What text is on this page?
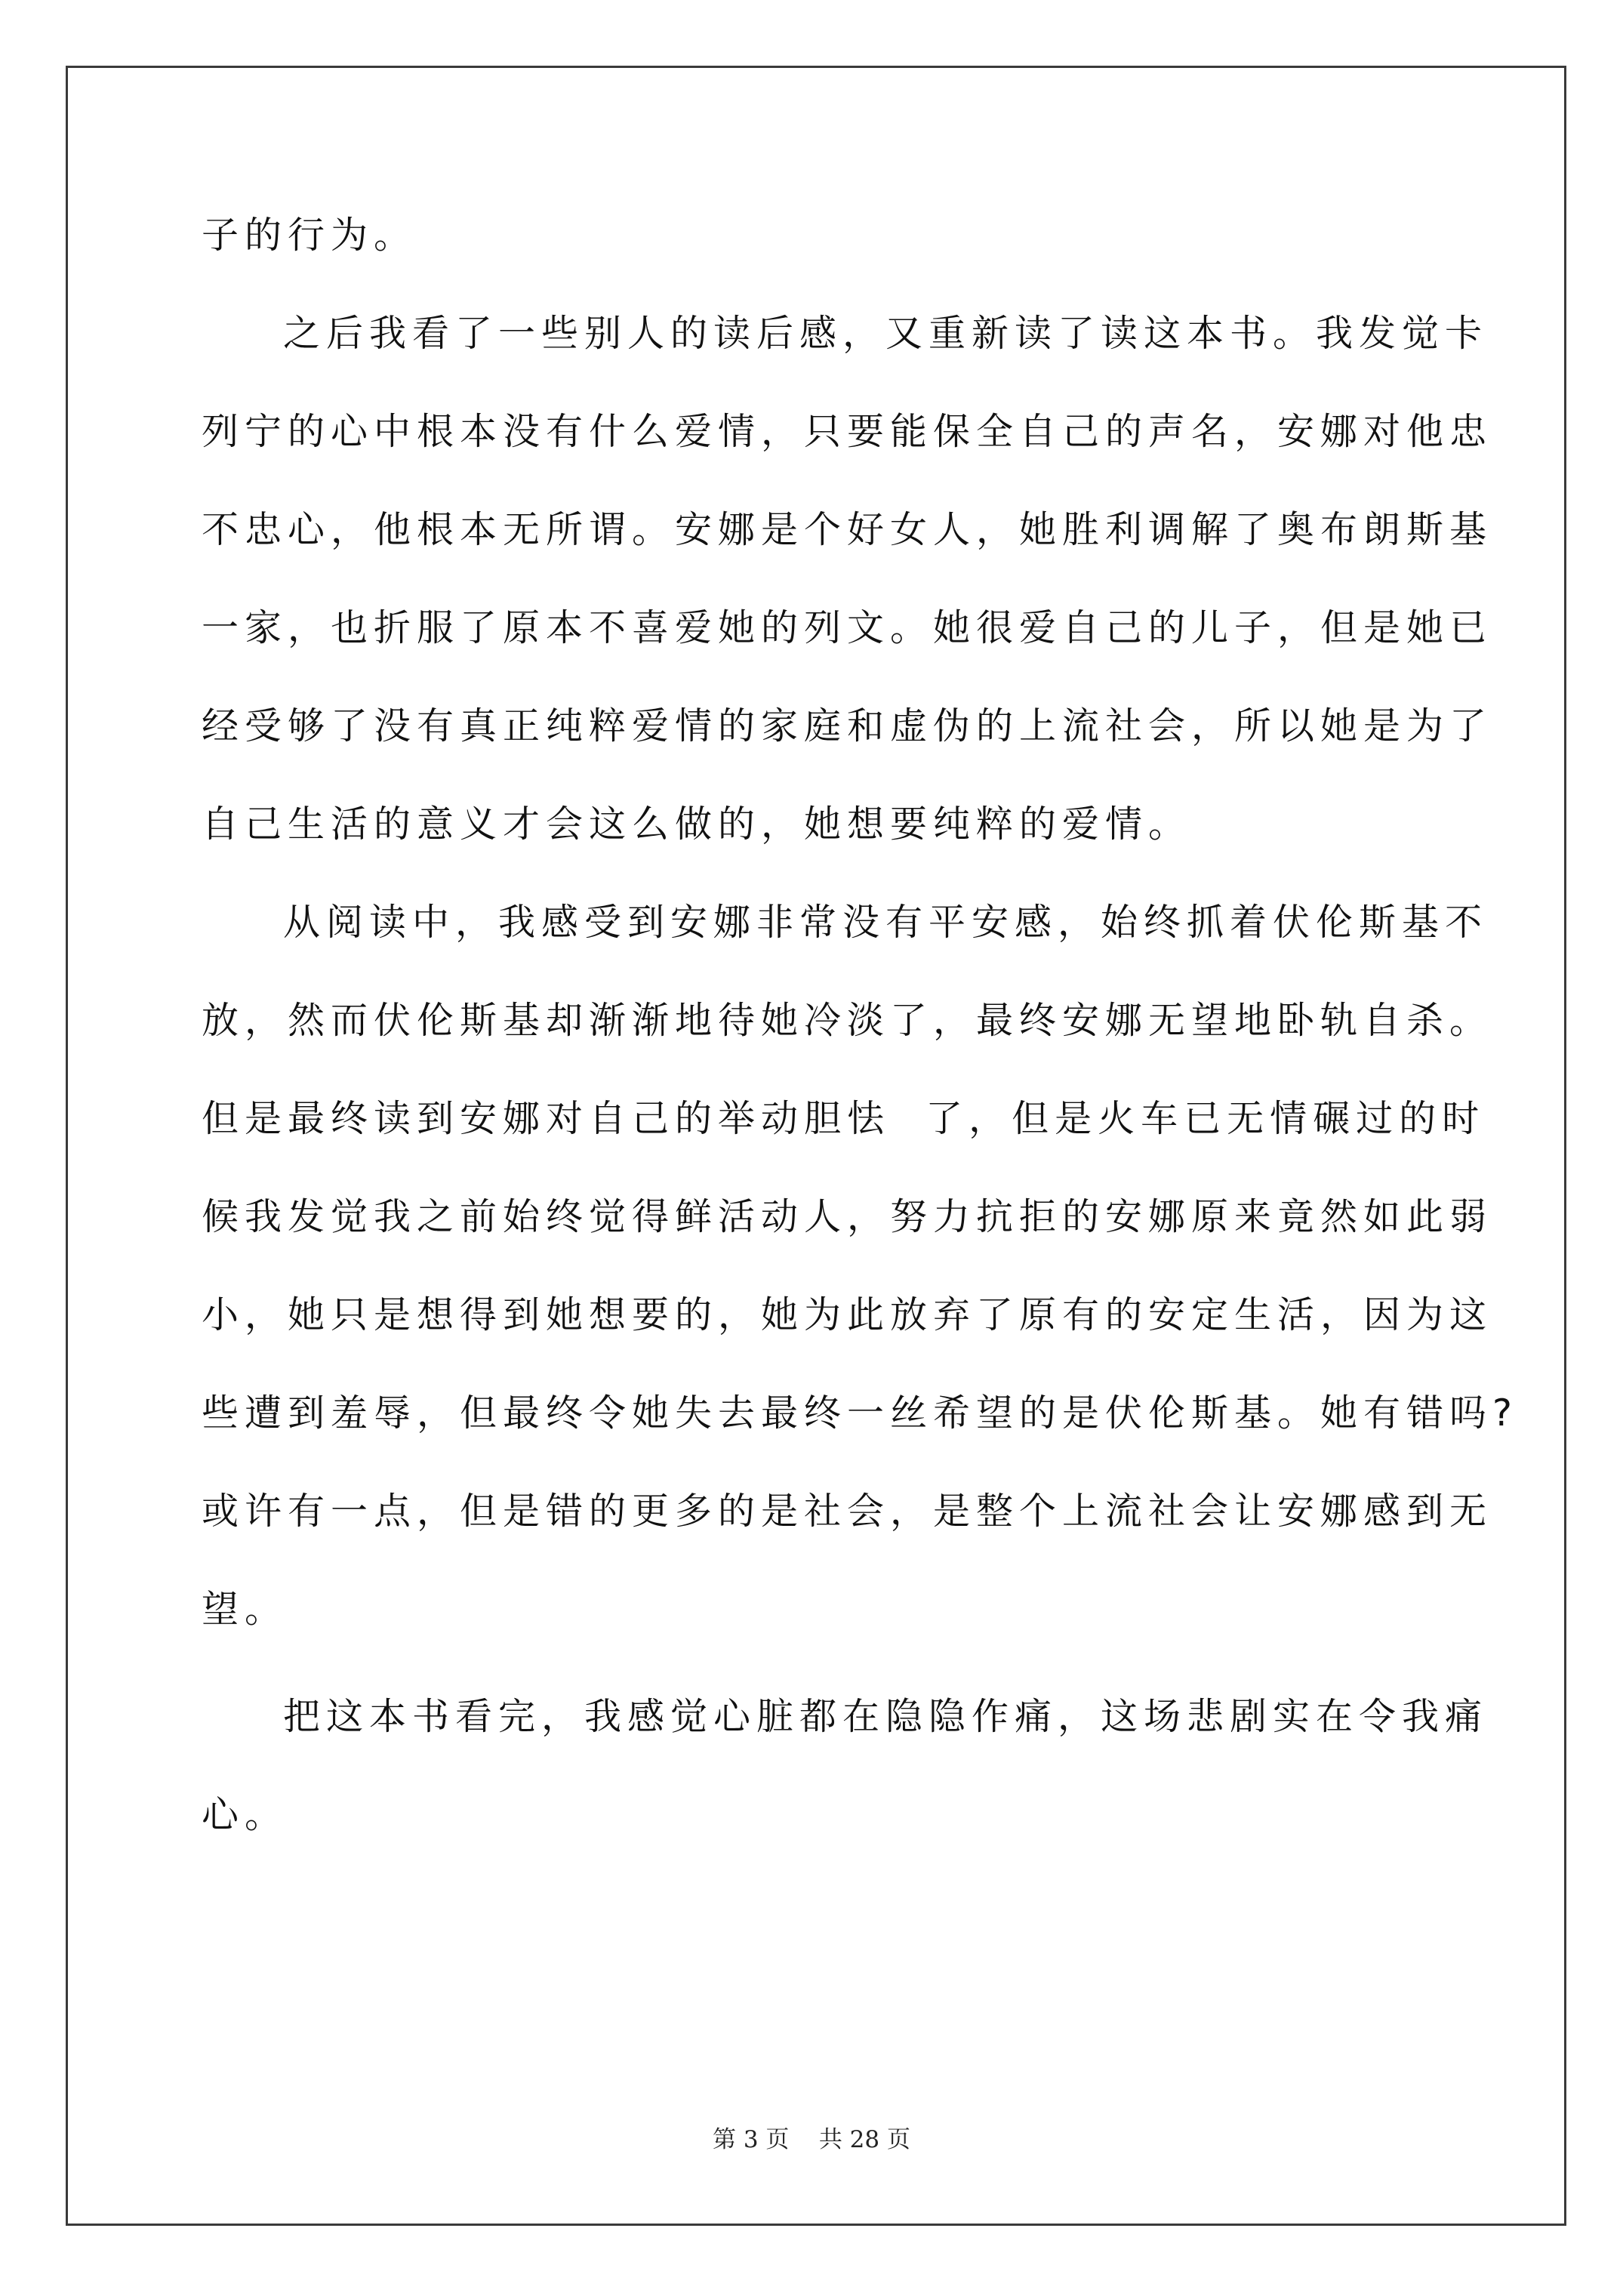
子的行为。
之后我看了一些别人的读后感，又重新读了读这本书。我发觉卡
列宁的心中根本没有什么爱情，只要能保全自己的声名，安娜对他忠
不忠心，他根本无所谓。安娜是个好女人，她胜利调解了奥布朗斯基
一家，也折服了原本不喜爱她的列文。她很爱自己的儿子，但是她已
经受够了没有真正纯粹爱情的家庭和虚伪的上流社会，所以她是为了
自己生活的意义才会这么做的，她想要纯粹的爱情。
从阅读中，我感受到安娜非常没有平安感，始终抓着伏伦斯基不
放，然而伏伦斯基却渐渐地待她冷淡了，最终安娜无望地卧轨自杀。
但是最终读到安娜对自己的举动胆怯  了，但是火车已无情碾过的时
候我发觉我之前始终觉得鲜活动人，努力抗拒的安娜原来竟然如此弱
小，她只是想得到她想要的，她为此放弃了原有的安定生活，因为这
些遭到羞辱，但最终令她失去最终一丝希望的是伏伦斯基。她有错吗?
或许有一点，但是错的更多的是社会，是整个上流社会让安娜感到无
望。
把这本书看完，我感觉心脏都在隐隐作痛，这场悲剧实在令我痛
心。
第 3 页    共 28 页
